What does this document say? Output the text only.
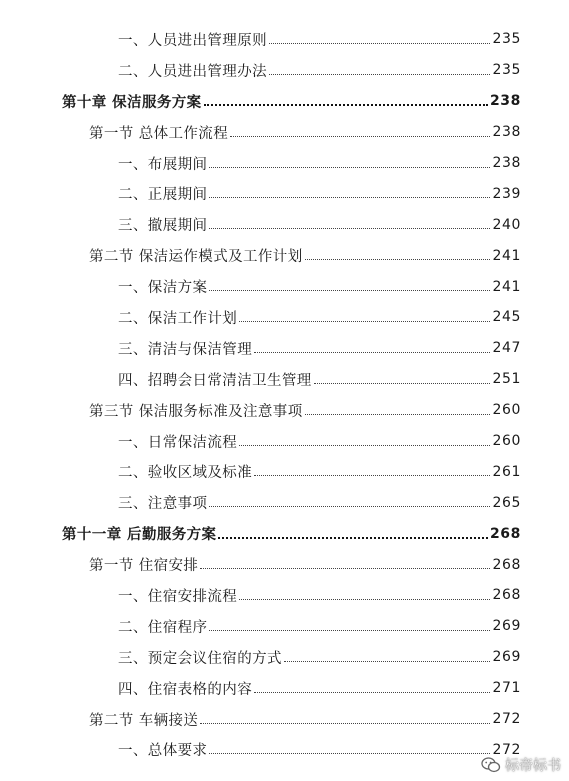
一、人员进出管理原则	235
二、人员进出管理办法	235
第十章 保洁服务方案	238
第一节 总体工作流程	238
一、布展期间	238
二、正展期间	239
三、撤展期间	240
第二节 保洁运作模式及工作计划	241
一、保洁方案	241
二、保洁工作计划	245
三、清洁与保洁管理	247
四、招聘会日常清洁卫生管理	251
第三节 保洁服务标准及注意事项	260
一、日常保洁流程	260
二、验收区域及标准	261
三、注意事项	265
第十一章 后勤服务方案	268
第一节 住宿安排	268
一、住宿安排流程	268
二、住宿程序	269
三、预定会议住宿的方式	269
四、住宿表格的内容	271
第二节 车辆接送	272
一、总体要求	272
标帝标书
